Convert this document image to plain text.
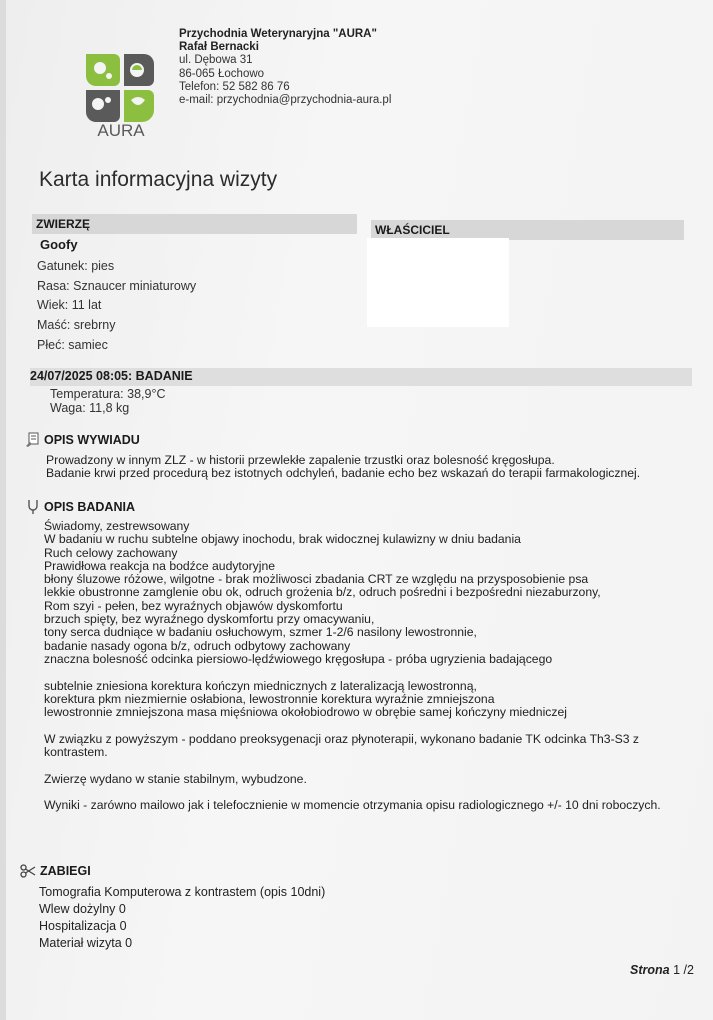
AURA
Przychodnia Weterynaryjna "AURA"
Rafał Bernacki
ul. Dębowa 31
86-065 Łochowo
Telefon: 52 582 86 76
e-mail: przychodnia@przychodnia-aura.pl
Karta informacyjna wizyty
ZWIERZĘ
Goofy
Gatunek: pies
Rasa: Sznaucer miniaturowy
Wiek: 11 lat
Maść: srebrny
Płeć: samiec
WŁAŚCICIEL
24/07/2025 08:05: BADANIE
Temperatura: 38,9°C
Waga: 11,8 kg
OPIS WYWIADU
Prowadzony w innym ZLZ - w historii przewlekłe zapalenie trzustki oraz bolesność kręgosłupa.
Badanie krwi przed procedurą bez istotnych odchyleń, badanie echo bez wskazań do terapii farmakologicznej.
OPIS BADANIA
Świadomy, zestrewsowany
W badaniu w ruchu subtelne objawy inochodu, brak widocznej kulawizny w dniu badania
Ruch celowy zachowany
Prawidłowa reakcja na bodźce audytoryjne
błony śluzowe różowe, wilgotne - brak możliwosci zbadania CRT ze względu na przysposobienie psa
lekkie obustronne zamglenie obu ok, odruch grożenia b/z, odruch pośredni i bezpośredni niezaburzony,
Rom szyi - pełen, bez wyraźnych objawów dyskomfortu
brzuch spięty, bez wyraźnego dyskomfortu przy omacywaniu,
tony serca dudniące w badaniu osłuchowym, szmer 1-2/6 nasilony lewostronnie,
badanie nasady ogona b/z, odruch odbytowy zachowany
znaczna bolesność odcinka piersiowo-lędźwiowego kręgosłupa - próba ugryzienia badającego
subtelnie zniesiona korektura kończyn miednicznych z lateralizacją lewostronną,
korektura pkm niezmiernie osłabiona, lewostronnie korektura wyraźnie zmniejszona
lewostronnie zmniejszona masa mięśniowa okołobiodrowo w obrębie samej kończyny miedniczej
W związku z powyższym - poddano preoksygenacji oraz płynoterapii, wykonano badanie TK odcinka Th3-S3 z
kontrastem.
Zwierzę wydano w stanie stabilnym, wybudzone.
Wyniki - zarówno mailowo jak i telefocznienie w momencie otrzymania opisu radiologicznego +/- 10 dni roboczych.
ZABIEGI
Tomografia Komputerowa z kontrastem (opis 10dni)
Wlew dożylny 0
Hospitalizacja 0
Materiał wizyta 0
Strona 1 /2
